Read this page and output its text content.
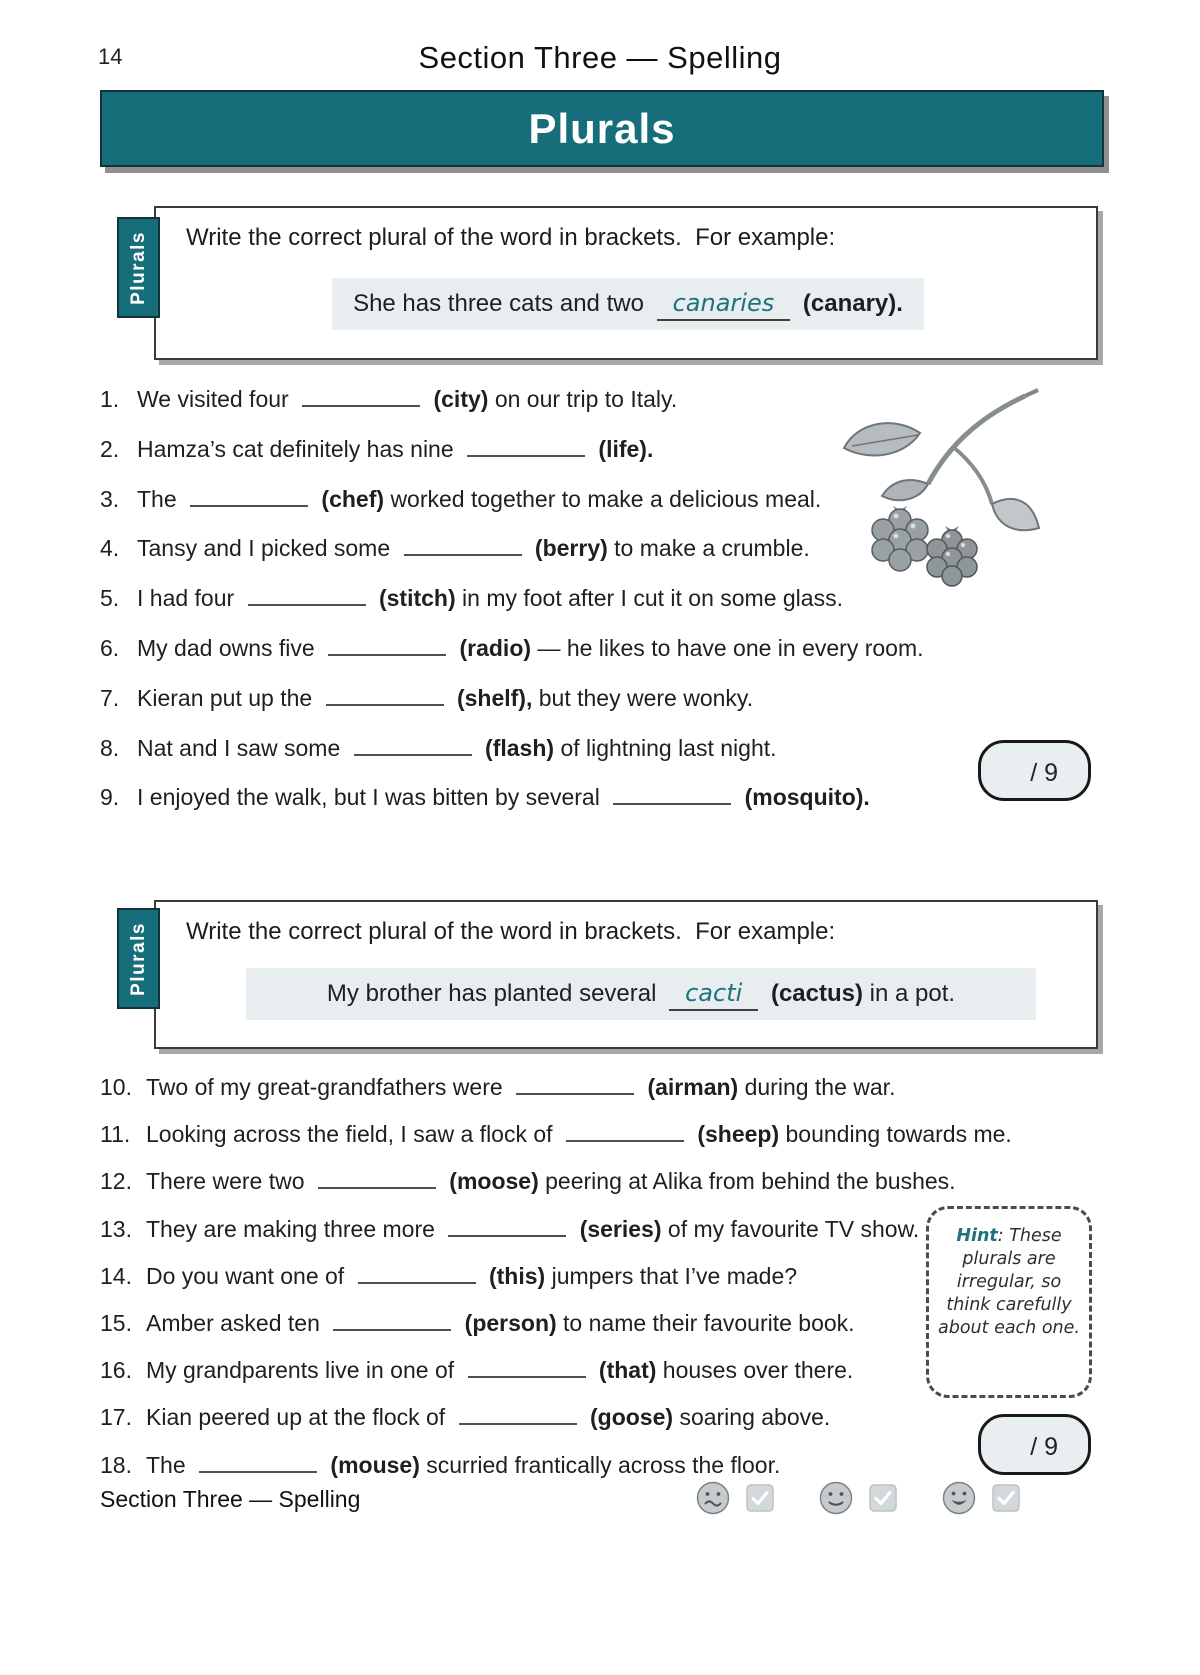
14	Section Three — Spelling
Plurals
Write the correct plural of the word in brackets.  For example:
She has three cats and two canaries (canary).
Plurals
1. We visited four	(city) on our trip to Italy.
2. Hamza’s cat definitely has nine	(life).
3. The	(chef) worked together to make a delicious meal.
4. Tansy and I picked some	(berry) to make a crumble.
5. I had four	(stitch) in my foot after I cut it on some glass.
6. My dad owns five	(radio) — he likes to have one in every room.
7. Kieran put up the	(shelf), but they were wonky.
8. Nat and I saw some	(flash) of lightning last night.
9. I enjoyed the walk, but I was bitten by several	(mosquito).
/ 9
Write the correct plural of the word in brackets.  For example:
My brother has planted several cacti (cactus) in a pot.
Plurals
10. Two of my great-grandfathers were	(airman) during the war.
11. Looking across the field, I saw a flock of	(sheep) bounding towards me.
12. There were two	(moose) peering at Alika from behind the bushes.
13. They are making three more	(series) of my favourite TV show.
14. Do you want one of	(this) jumpers that I’ve made?
15. Amber asked ten	(person) to name their favourite book.
16. My grandparents live in one of	(that) houses over there.
17. Kian peered up at the flock of	(goose) soaring above.
18. The	(mouse) scurried frantically across the floor.
Hint: These plurals are irregular, so think carefully about each one.
/ 9
Section Three — Spelling
